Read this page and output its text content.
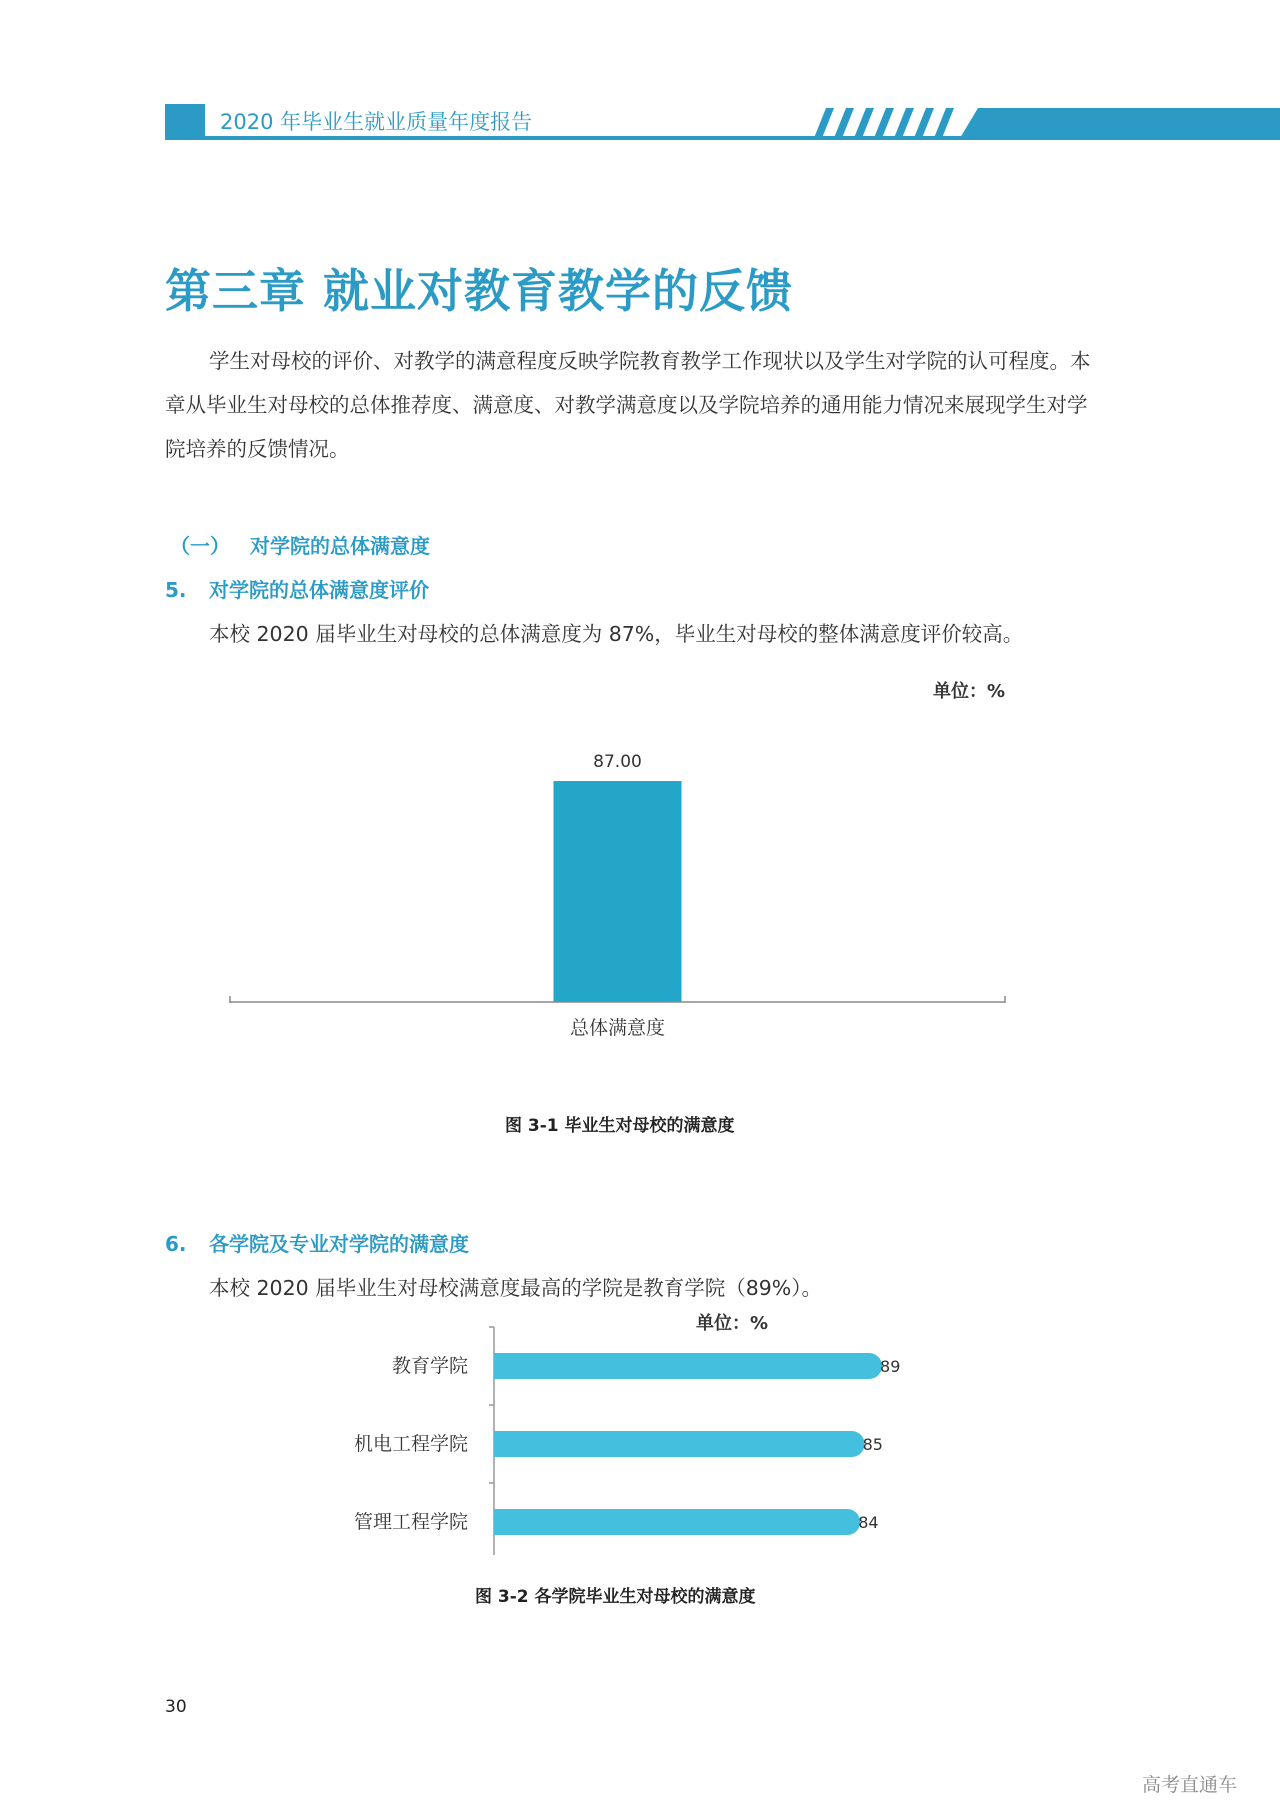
2020 年毕业生就业质量年度报告
第三章 就业对教育教学的反馈
学生对母校的评价、对教学的满意程度反映学院教育教学工作现状以及学生对学院的认可程度。本章从毕业生对母校的总体推荐度、满意度、对教学满意度以及学院培养的通用能力情况来展现学生对学院培养的反馈情况。
（一） 对学院的总体满意度
5. 对学院的总体满意度评价
本校 2020 届毕业生对母校的总体满意度为 87%，毕业生对母校的整体满意度评价较高。
单位：%
87.00
总体满意度
图 3-1 毕业生对母校的满意度
6. 各学院及专业对学院的满意度
本校 2020 届毕业生对母校满意度最高的学院是教育学院（89%）。
单位：%
89
教育学院
85
机电工程学院
84
管理工程学院
图 3-2 各学院毕业生对母校的满意度
30
高考直通车
